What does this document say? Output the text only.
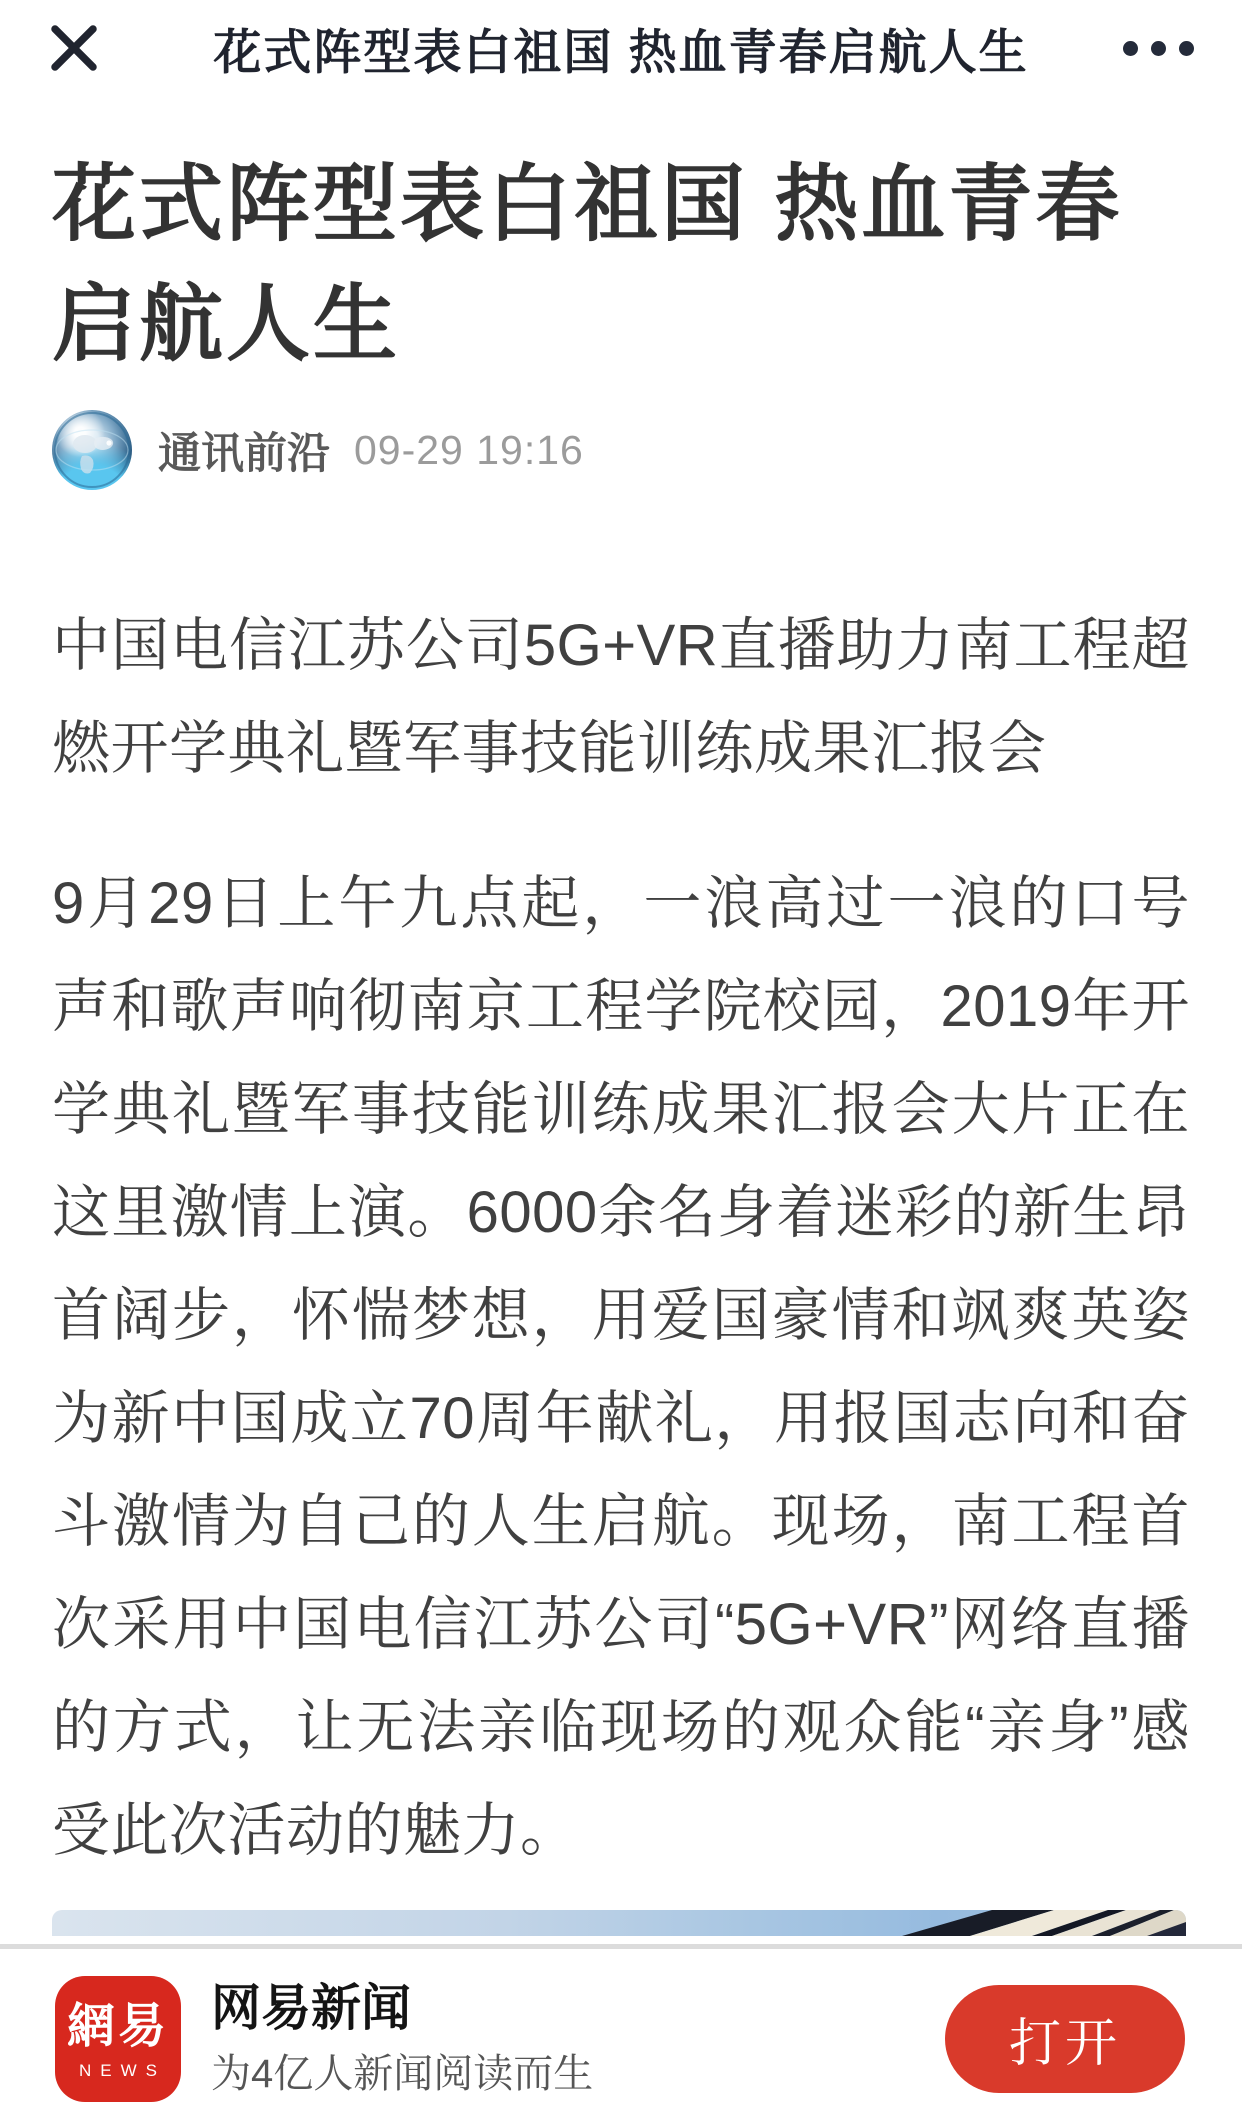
花式阵型表白祖国 热血青春启航人生
花式阵型表白祖国 热血青春启航人生
通讯前沿 09-29 19:16

中国电信江苏公司5G+VR直播助力南工程超燃开学典礼暨军事技能训练成果汇报会

9月29日上午九点起，一浪高过一浪的口号声和歌声响彻南京工程学院校园，2019年开学典礼暨军事技能训练成果汇报会大片正在这里激情上演。6000余名身着迷彩的新生昂首阔步，怀惴梦想，用爱国豪情和飒爽英姿为新中国成立70周年献礼，用报国志向和奋斗激情为自己的人生启航。现场，南工程首次采用中国电信江苏公司“5G+VR”网络直播的方式，让无法亲临现场的观众能“亲身”感受此次活动的魅力。

網易
NEWS
网易新闻
为4亿人新闻阅读而生
打开
